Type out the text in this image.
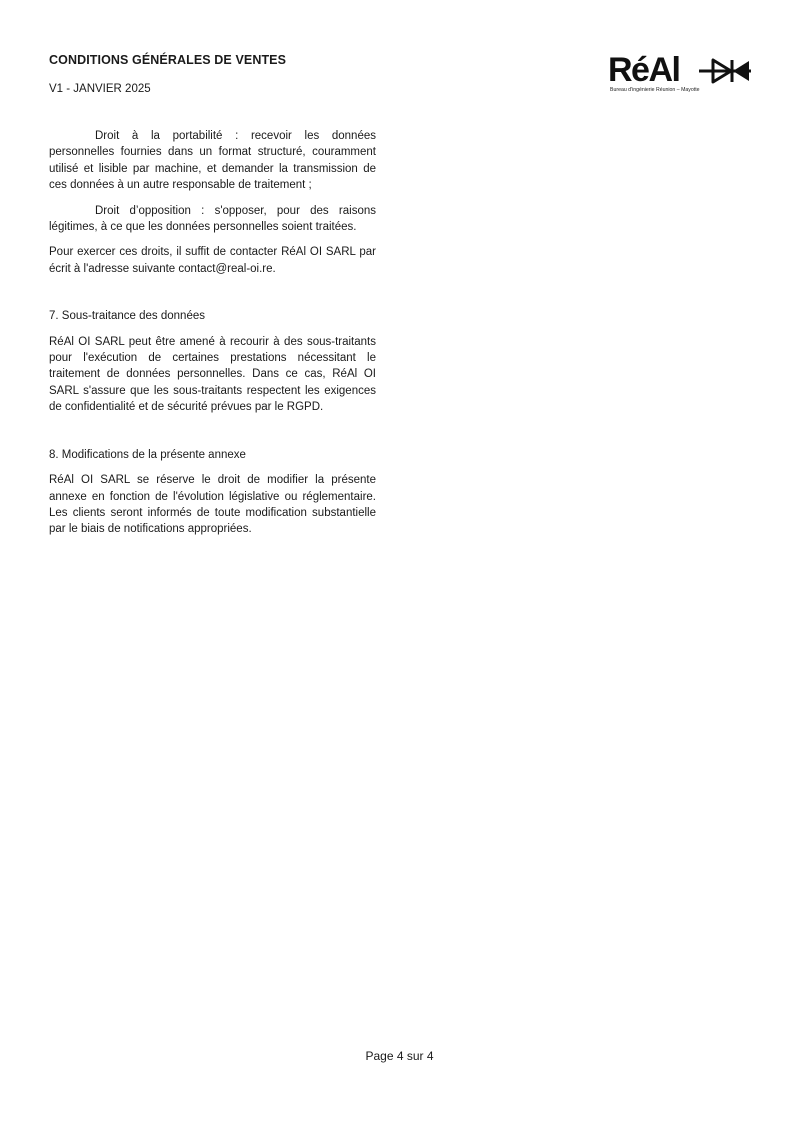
CONDITIONS GÉNÉRALES DE VENTES
V1 - JANVIER 2025	RéAl
Bureau d'ingénierie Réunion – Mayotte

Droit à la portabilité : recevoir les données personnelles fournies dans un format structuré, couramment utilisé et lisible par machine, et demander la transmission de ces données à un autre responsable de traitement ;

Droit d’opposition : s'opposer, pour des raisons légitimes, à ce que les données personnelles soient traitées.

Pour exercer ces droits, il suffit de contacter RéAl OI SARL par écrit à l'adresse suivante contact@real-oi.re.

7. Sous-traitance des données

RéAl OI SARL peut être amené à recourir à des sous-traitants pour l'exécution de certaines prestations nécessitant le traitement de données personnelles. Dans ce cas, RéAl OI SARL s'assure que les sous-traitants respectent les exigences de confidentialité et de sécurité prévues par le RGPD.

8. Modifications de la présente annexe

RéAl OI SARL se réserve le droit de modifier la présente annexe en fonction de l'évolution législative ou réglementaire. Les clients seront informés de toute modification substantielle par le biais de notifications appropriées.

Page 4 sur 4
